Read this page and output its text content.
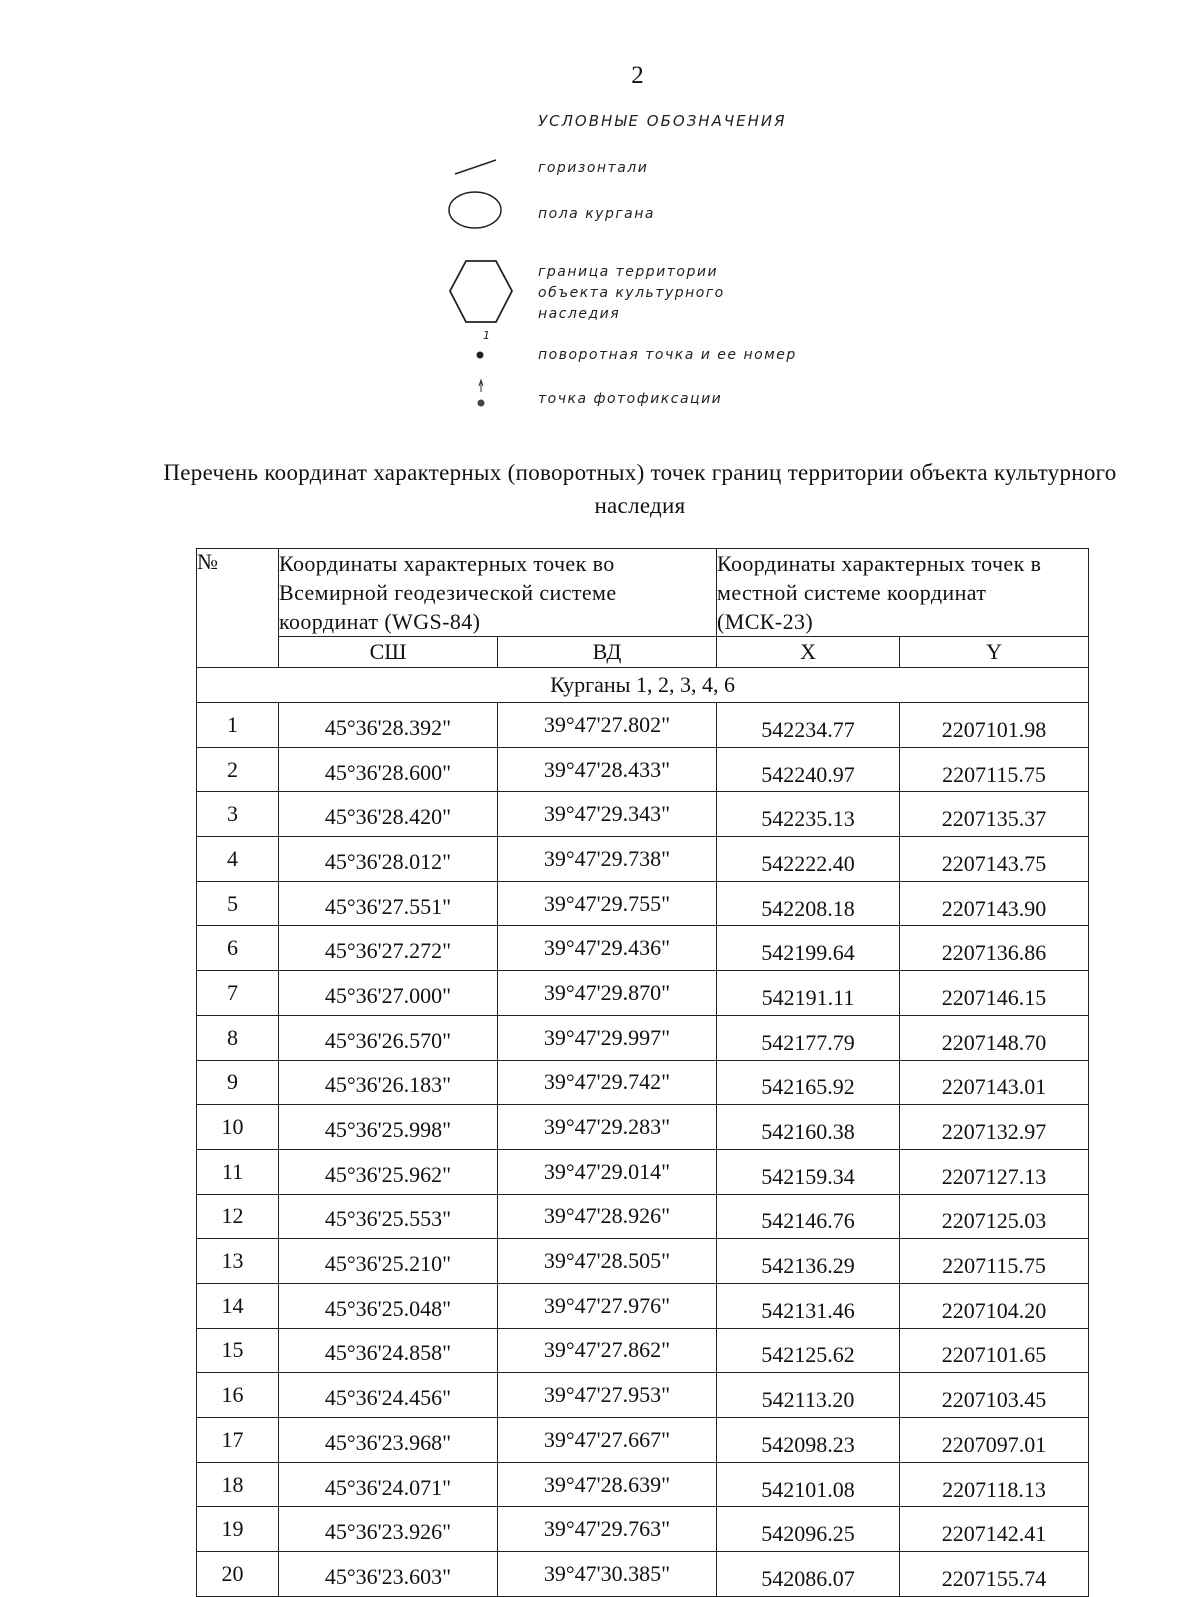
2
УСЛОВНЫЕ ОБОЗНАЧЕНИЯ
горизонтали
пола кургана
граница территории
объекта культурного
наследия
1
поворотная точка и ее номер
точка фотофиксации
Перечень координат характерных (поворотных) точек границ территории объекта культурного наследия
№	Координаты характерных точек во Всемирной геодезической системе координат (WGS-84)		Координаты характерных точек в местной системе координат (МСК-23)	
	СШ	ВД	X	Y
Курганы 1, 2, 3, 4, 6				
1	45°36'28.392"	39°47'27.802"	542234.77	2207101.98
2	45°36'28.600"	39°47'28.433"	542240.97	2207115.75
3	45°36'28.420"	39°47'29.343"	542235.13	2207135.37
4	45°36'28.012"	39°47'29.738"	542222.40	2207143.75
5	45°36'27.551"	39°47'29.755"	542208.18	2207143.90
6	45°36'27.272"	39°47'29.436"	542199.64	2207136.86
7	45°36'27.000"	39°47'29.870"	542191.11	2207146.15
8	45°36'26.570"	39°47'29.997"	542177.79	2207148.70
9	45°36'26.183"	39°47'29.742"	542165.92	2207143.01
10	45°36'25.998"	39°47'29.283"	542160.38	2207132.97
11	45°36'25.962"	39°47'29.014"	542159.34	2207127.13
12	45°36'25.553"	39°47'28.926"	542146.76	2207125.03
13	45°36'25.210"	39°47'28.505"	542136.29	2207115.75
14	45°36'25.048"	39°47'27.976"	542131.46	2207104.20
15	45°36'24.858"	39°47'27.862"	542125.62	2207101.65
16	45°36'24.456"	39°47'27.953"	542113.20	2207103.45
17	45°36'23.968"	39°47'27.667"	542098.23	2207097.01
18	45°36'24.071"	39°47'28.639"	542101.08	2207118.13
19	45°36'23.926"	39°47'29.763"	542096.25	2207142.41
20	45°36'23.603"	39°47'30.385"	542086.07	2207155.74
